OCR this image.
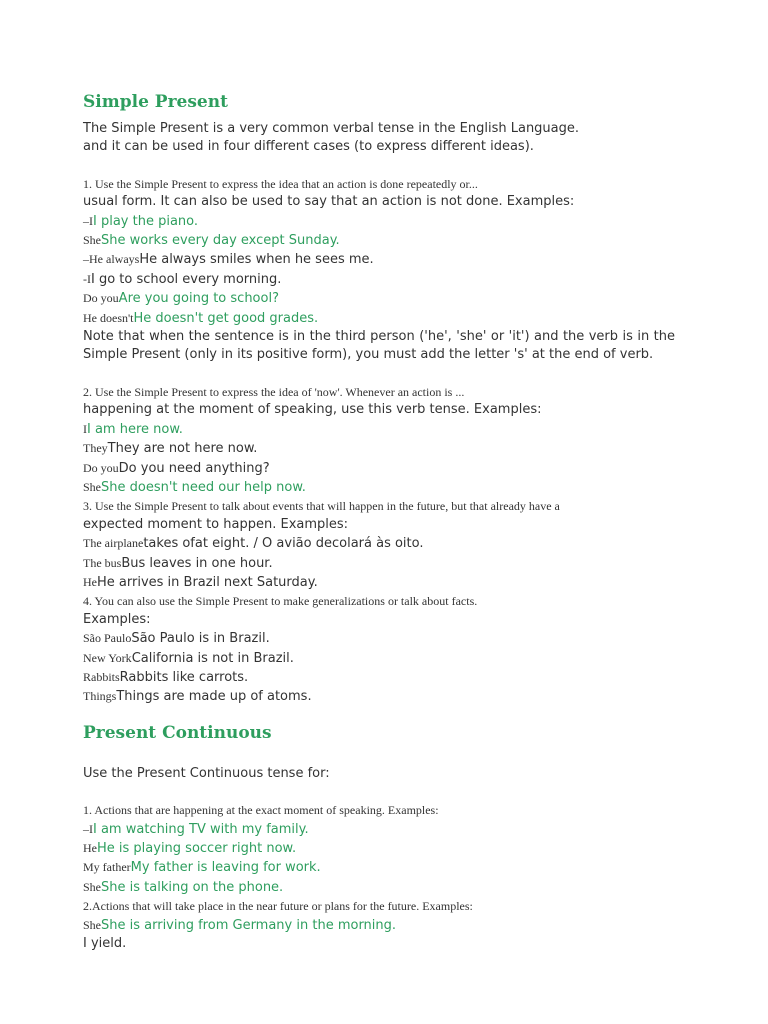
Simple Present

The Simple Present is a very common verbal tense in the English Language.

and it can be used in four different cases (to express different ideas).

1. Use the Simple Present to express the idea that an action is done repeatedly or...

usual form. It can also be used to say that an action is not done. Examples:

–II play the piano.

SheShe works every day except Sunday.

–He alwaysHe always smiles when he sees me.

-II go to school every morning.

Do youAre you going to school?

He doesn'tHe doesn't get good grades.

Note that when the sentence is in the third person ('he', 'she' or 'it') and the verb is in the Simple Present (only in its positive form), you must add the letter 's' at the end of verb.

2. Use the Simple Present to express the idea of 'now'. Whenever an action is ...

happening at the moment of speaking, use this verb tense. Examples:

II am here now.

TheyThey are not here now.

Do youDo you need anything?

SheShe doesn't need our help now.

3. Use the Simple Present to talk about events that will happen in the future, but that already have a

expected moment to happen. Examples:

The airplanetakes ofat eight. / O avião decolará às oito.

The busBus leaves in one hour.

HeHe arrives in Brazil next Saturday.

4. You can also use the Simple Present to make generalizations or talk about facts.

Examples:

São PauloSão Paulo is in Brazil.

New YorkCalifornia is not in Brazil.

RabbitsRabbits like carrots.

ThingsThings are made up of atoms.

Present Continuous

Use the Present Continuous tense for:

1. Actions that are happening at the exact moment of speaking. Examples:

–II am watching TV with my family.

HeHe is playing soccer right now.

My fatherMy father is leaving for work.

SheShe is talking on the phone.

2.Actions that will take place in the near future or plans for the future. Examples:

SheShe is arriving from Germany in the morning.

I yield.
